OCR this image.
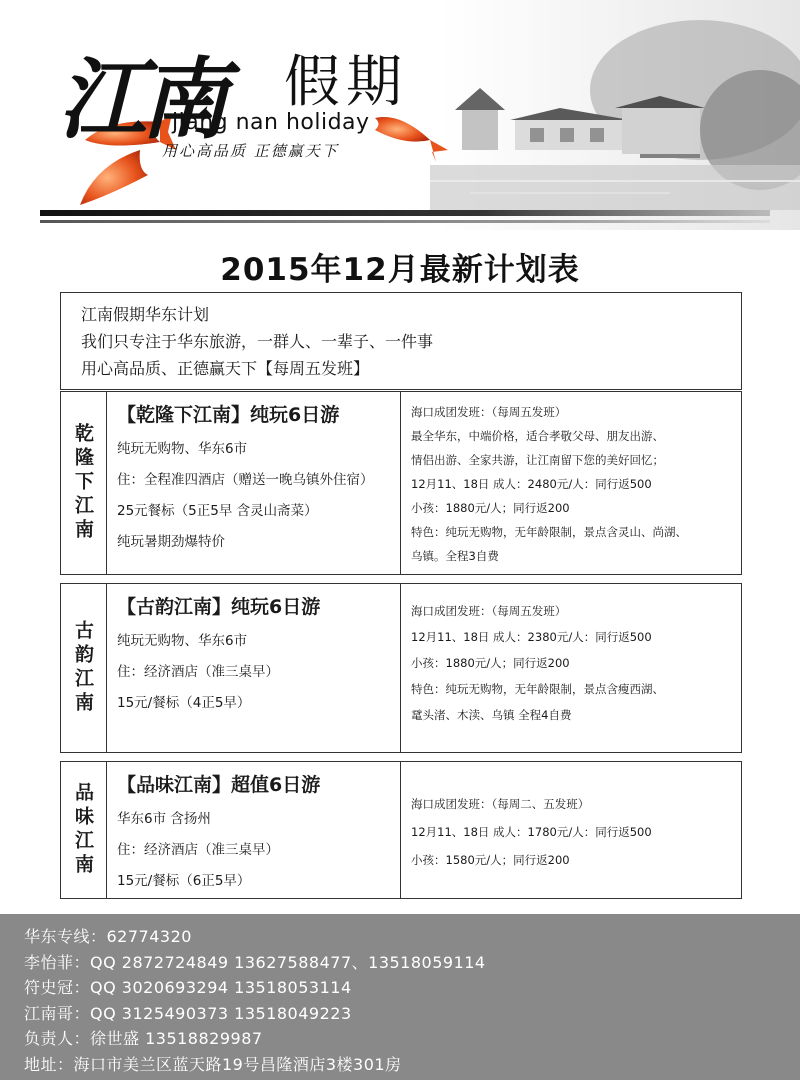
江南 假期
jiang nan holiday
用心高品质 正德赢天下
2015年12月最新计划表

江南假期华东计划

我们只专注于华东旅游，一群人、一辈子、一件事

用心高品质、正德赢天下【每周五发班】

乾隆下江南
【乾隆下江南】纯玩6日游
纯玩无购物、华东6市
住：全程准四酒店（赠送一晚乌镇外住宿）
25元餐标（5正5早 含灵山斋菜）
纯玩暑期劲爆特价
海口成团发班：（每周五发班）
最全华东，中端价格，适合孝敬父母、朋友出游、
情侣出游、全家共游，让江南留下您的美好回忆；
12月11、18日 成人：2480元/人：同行返500
小孩：1880元/人；同行返200
特色：纯玩无购物，无年龄限制，景点含灵山、尚湖、
乌镇。全程3自费
古韵江南
【古韵江南】纯玩6日游
纯玩无购物、华东6市
住：经济酒店（准三桌早）
15元/餐标（4正5早）
海口成团发班：（每周五发班）
12月11、18日 成人：2380元/人：同行返500
小孩：1880元/人；同行返200
特色：纯玩无购物，无年龄限制，景点含瘦西湖、
鼋头渚、木渎、乌镇 全程4自费
品味江南 【品味江南】超值6日游
华东6市 含扬州
住：经济酒店（准三桌早）
15元/餐标（6正5早）
海口成团发班：（每周二、五发班）
12月11、18日 成人：1780元/人：同行返500
小孩：1580元/人；同行返200
华东专线：62774320
李怡菲：QQ 2872724849 13627588477、13518059114
符史冠：QQ 3020693294 13518053114
江南哥：QQ 3125490373 13518049223
负责人：徐世盛 13518829987
地址：海口市美兰区蓝天路19号昌隆酒店3楼301房
